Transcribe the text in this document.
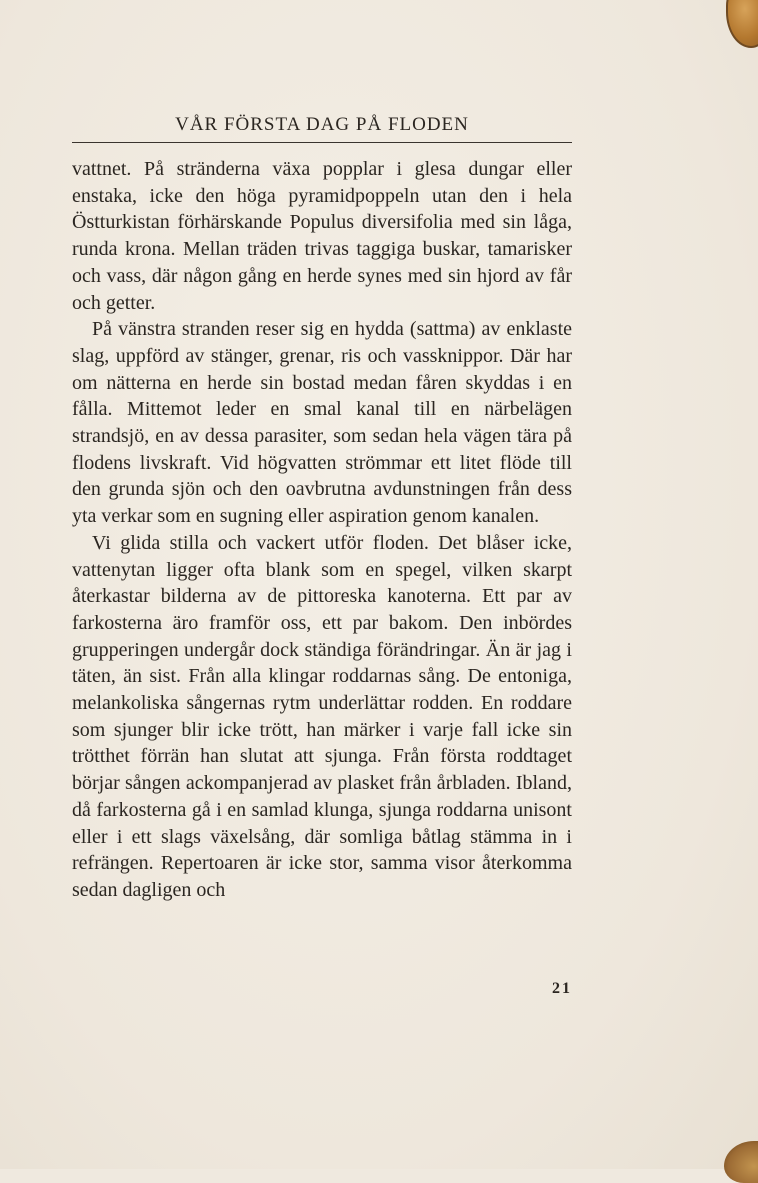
VÅR FÖRSTA DAG PÅ FLODEN

vattnet. På stränderna växa popplar i glesa dungar eller enstaka, icke den höga pyramidpoppeln utan den i hela Östturkistan förhärskande Populus diversifolia med sin låga, runda krona. Mellan träden trivas taggiga buskar, tamarisker och vass, där någon gång en herde synes med sin hjord av får och getter.

På vänstra stranden reser sig en hydda (sattma) av enklaste slag, uppförd av stänger, grenar, ris och vassknippor. Där har om nätterna en herde sin bostad medan fåren skyddas i en fålla. Mittemot leder en smal kanal till en närbelägen strandsjö, en av dessa parasiter, som sedan hela vägen tära på flodens livskraft. Vid högvatten strömmar ett litet flöde till den grunda sjön och den oavbrutna avdunstningen från dess yta verkar som en sugning eller aspiration genom kanalen.

Vi glida stilla och vackert utför floden. Det blåser icke, vattenytan ligger ofta blank som en spegel, vilken skarpt återkastar bilderna av de pittoreska kanoterna. Ett par av farkosterna äro framför oss, ett par bakom. Den inbördes grupperingen undergår dock ständiga förändringar. Än är jag i täten, än sist. Från alla klingar roddarnas sång. De entoniga, melankoliska sångernas rytm underlättar rodden. En roddare som sjunger blir icke trött, han märker i varje fall icke sin trötthet förrän han slutat att sjunga. Från första roddtaget börjar sången ackompanjerad av plasket från årbladen. Ibland, då farkosterna gå i en samlad klunga, sjunga roddarna unisont eller i ett slags växelsång, där somliga båtlag stämma in i refrängen. Repertoaren är icke stor, samma visor återkomma sedan dagligen och

21
